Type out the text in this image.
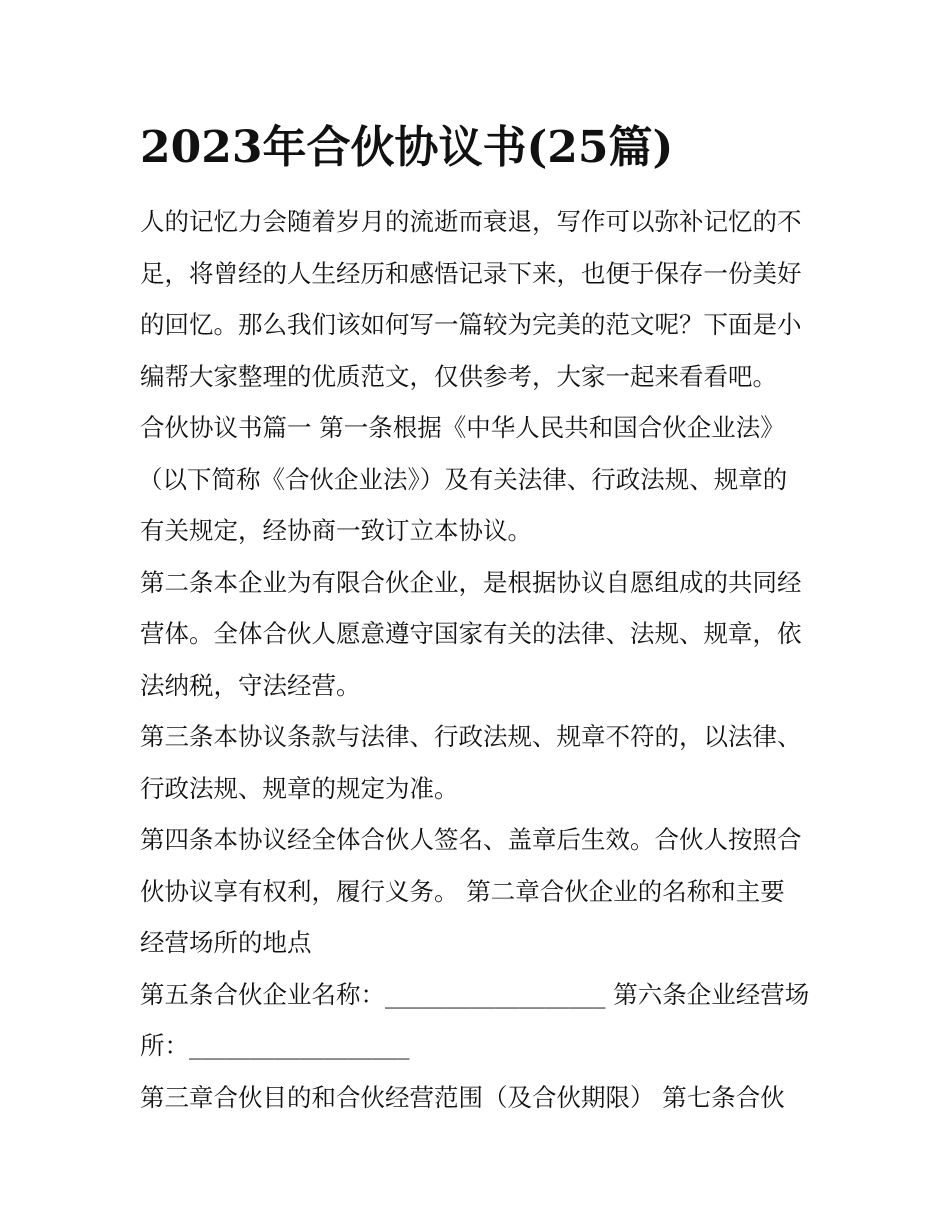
2023年合伙协议书(25篇)
人的记忆力会随着岁月的流逝而衰退，写作可以弥补记忆的不
足，将曾经的人生经历和感悟记录下来，也便于保存一份美好
的回忆。那么我们该如何写一篇较为完美的范文呢？下面是小
编帮大家整理的优质范文，仅供参考，大家一起来看看吧。
合伙协议书篇一 第一条根据《中华人民共和国合伙企业法》
（以下简称《合伙企业法》）及有关法律、行政法规、规章的
有关规定，经协商一致订立本协议。
第二条本企业为有限合伙企业，是根据协议自愿组成的共同经
营体。全体合伙人愿意遵守国家有关的法律、法规、规章，依
法纳税，守法经营。
第三条本协议条款与法律、行政法规、规章不符的，以法律、
行政法规、规章的规定为准。
第四条本协议经全体合伙人签名、盖章后生效。合伙人按照合
伙协议享有权利，履行义务。 第二章合伙企业的名称和主要
经营场所的地点
第五条合伙企业名称：__________________ 第六条企业经营场
所：__________________
第三章合伙目的和合伙经营范围（及合伙期限） 第七条合伙
